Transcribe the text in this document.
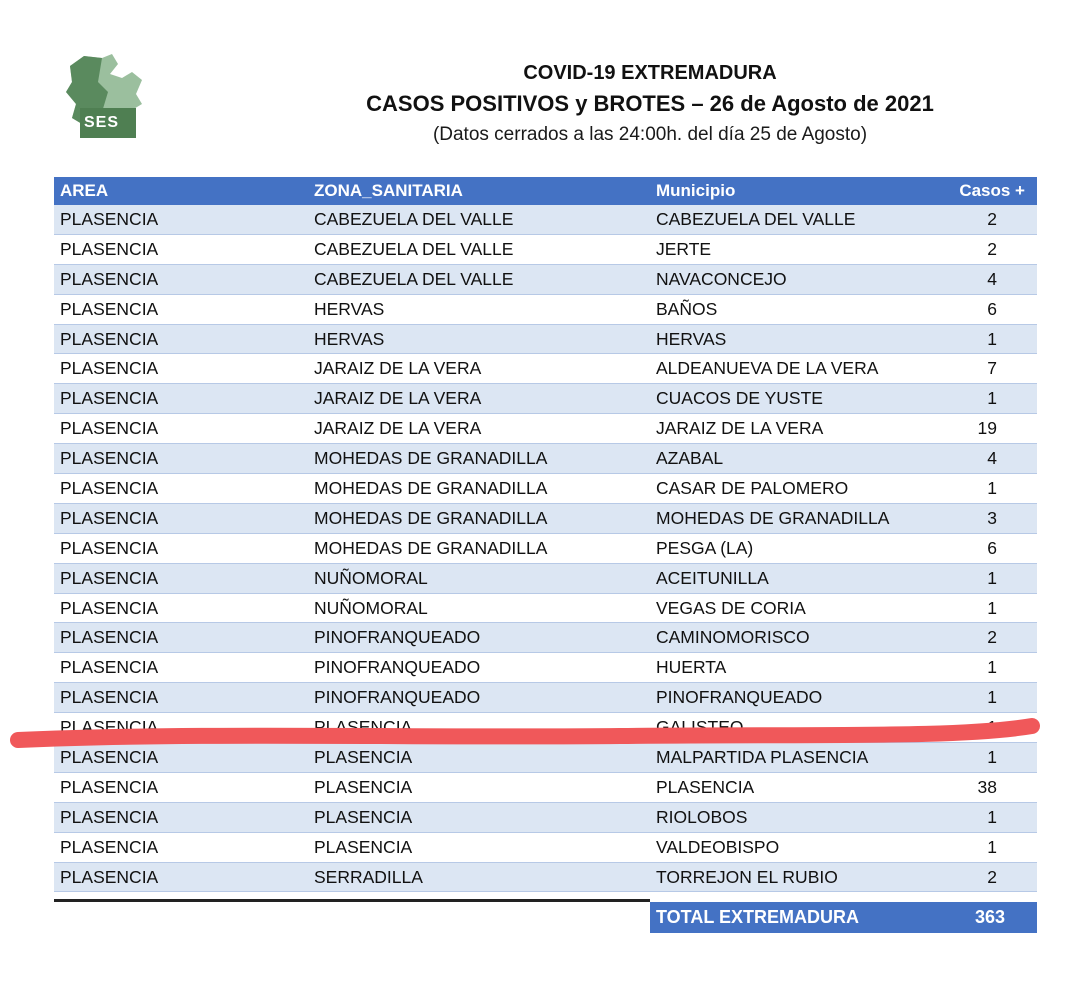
SES
COVID-19 EXTREMADURA
CASOS POSITIVOS y BROTES – 26 de Agosto de 2021
(Datos cerrados a las 24:00h. del día 25 de Agosto)
AREA	ZONA_SANITARIA	Municipio	Casos +
PLASENCIA	CABEZUELA DEL VALLE	CABEZUELA DEL VALLE	2
PLASENCIA	CABEZUELA DEL VALLE	JERTE	2
PLASENCIA	CABEZUELA DEL VALLE	NAVACONCEJO	4
PLASENCIA	HERVAS	BAÑOS	6
PLASENCIA	HERVAS	HERVAS	1
PLASENCIA	JARAIZ DE LA VERA	ALDEANUEVA DE LA VERA	7
PLASENCIA	JARAIZ DE LA VERA	CUACOS DE YUSTE	1
PLASENCIA	JARAIZ DE LA VERA	JARAIZ DE LA VERA	19
PLASENCIA	MOHEDAS DE GRANADILLA	AZABAL	4
PLASENCIA	MOHEDAS DE GRANADILLA	CASAR DE PALOMERO	1
PLASENCIA	MOHEDAS DE GRANADILLA	MOHEDAS DE GRANADILLA	3
PLASENCIA	MOHEDAS DE GRANADILLA	PESGA (LA)	6
PLASENCIA	NUÑOMORAL	ACEITUNILLA	1
PLASENCIA	NUÑOMORAL	VEGAS DE CORIA	1
PLASENCIA	PINOFRANQUEADO	CAMINOMORISCO	2
PLASENCIA	PINOFRANQUEADO	HUERTA	1
PLASENCIA	PINOFRANQUEADO	PINOFRANQUEADO	1
PLASENCIA	PLASENCIA	GALISTEO	1
PLASENCIA	PLASENCIA	MALPARTIDA PLASENCIA	1
PLASENCIA	PLASENCIA	PLASENCIA	38
PLASENCIA	PLASENCIA	RIOLOBOS	1
PLASENCIA	PLASENCIA	VALDEOBISPO	1
PLASENCIA	SERRADILLA	TORREJON EL RUBIO	2
TOTAL EXTREMADURA	363
